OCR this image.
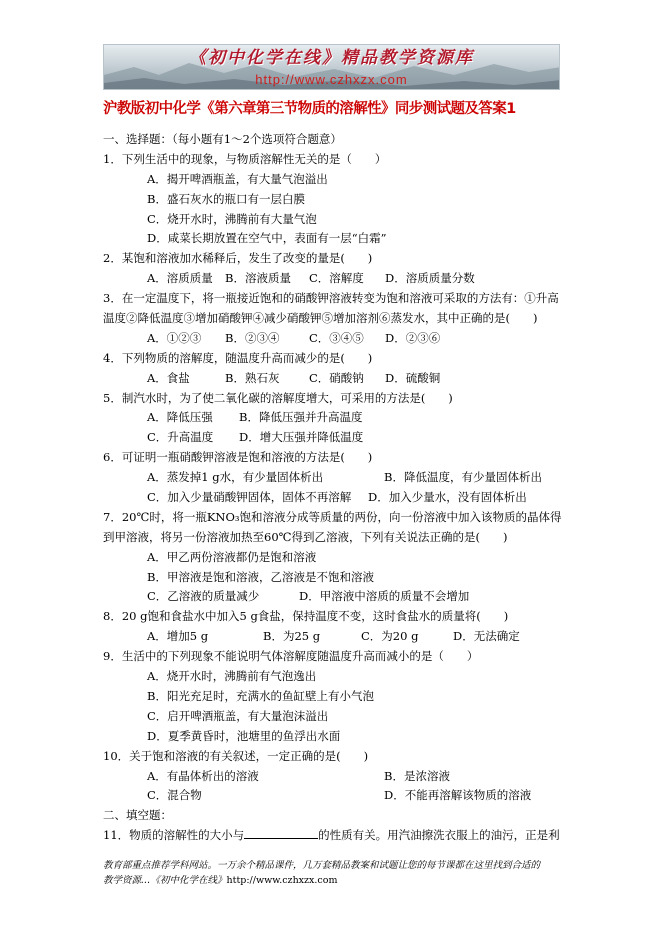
《初中化学在线》精品教学资源库
http://www.czhxzx.com
沪教版初中化学《第六章第三节物质的溶解性》同步测试题及答案1
一、选择题：（每小题有1～2个选项符合题意）
1．下列生活中的现象，与物质溶解性无关的是（　　）
A．揭开啤酒瓶盖，有大量气泡溢出
B．盛石灰水的瓶口有一层白膜
C．烧开水时，沸腾前有大量气泡
D．咸菜长期放置在空气中，表面有一层“白霜”
2．某饱和溶液加水稀释后，发生了改变的量是(　　)
A．溶质质量 B．溶液质量 C．溶解度 D．溶质质量分数
3．在一定温度下，将一瓶接近饱和的硝酸钾溶液转变为饱和溶液可采取的方法有：①升高
温度②降低温度③增加硝酸钾④减少硝酸钾⑤增加溶剂⑥蒸发水，其中正确的是(　　)
A．①②③ B．②③④	C．③④⑤ D．②③⑥
4．下列物质的溶解度，随温度升高而减少的是(　　)
A．食盐	B．熟石灰	C．硝酸钠 D．硫酸铜
5．制汽水时，为了使二氧化碳的溶解度增大，可采用的方法是(　　)
A．降低压强 B．降低压强并升高温度
C．升高温度 D．增大压强并降低温度
6．可证明一瓶硝酸钾溶液是饱和溶液的方法是(　　)
A．蒸发掉1 g水，有少量固体析出	B．降低温度，有少量固体析出
C．加入少量硝酸钾固体，固体不再溶解 D．加入少量水，没有固体析出
7．20℃时，将一瓶KNO₃饱和溶液分成等质量的两份，向一份溶液中加入该物质的晶体得
到甲溶液，将另一份溶液加热至60℃得到乙溶液，下列有关说法正确的是(　　)
A．甲乙两份溶液都仍是饱和溶液
B．甲溶液是饱和溶液，乙溶液是不饱和溶液
C．乙溶液的质量减少	D．甲溶液中溶质的质量不会增加
8．20 g饱和食盐水中加入5 g食盐，保持温度不变，这时食盐水的质量将(　　)
A．增加5 g	B．为25 g	C．为20 g	D．无法确定
9．生活中的下列现象不能说明气体溶解度随温度升高而减小的是（　　）
A．烧开水时，沸腾前有气泡逸出
B．阳光充足时，充满水的鱼缸壁上有小气泡
C．启开啤酒瓶盖，有大量泡沫溢出
D．夏季黄昏时，池塘里的鱼浮出水面
10．关于饱和溶液的有关叙述，一定正确的是(　　)
A．有晶体析出的溶液	B．是浓溶液
C．混合物	D．不能再溶解该物质的溶液
二、填空题：
11．物质的溶解性的大小与	的性质有关。用汽油擦洗衣服上的油污，正是利
教育部重点推荐学科网站。一万余个精品课件，几万套精品教案和试题让您的每节课都在这里找到合适的
教学资源…《初中化学在线》http://www.czhxzx.com
